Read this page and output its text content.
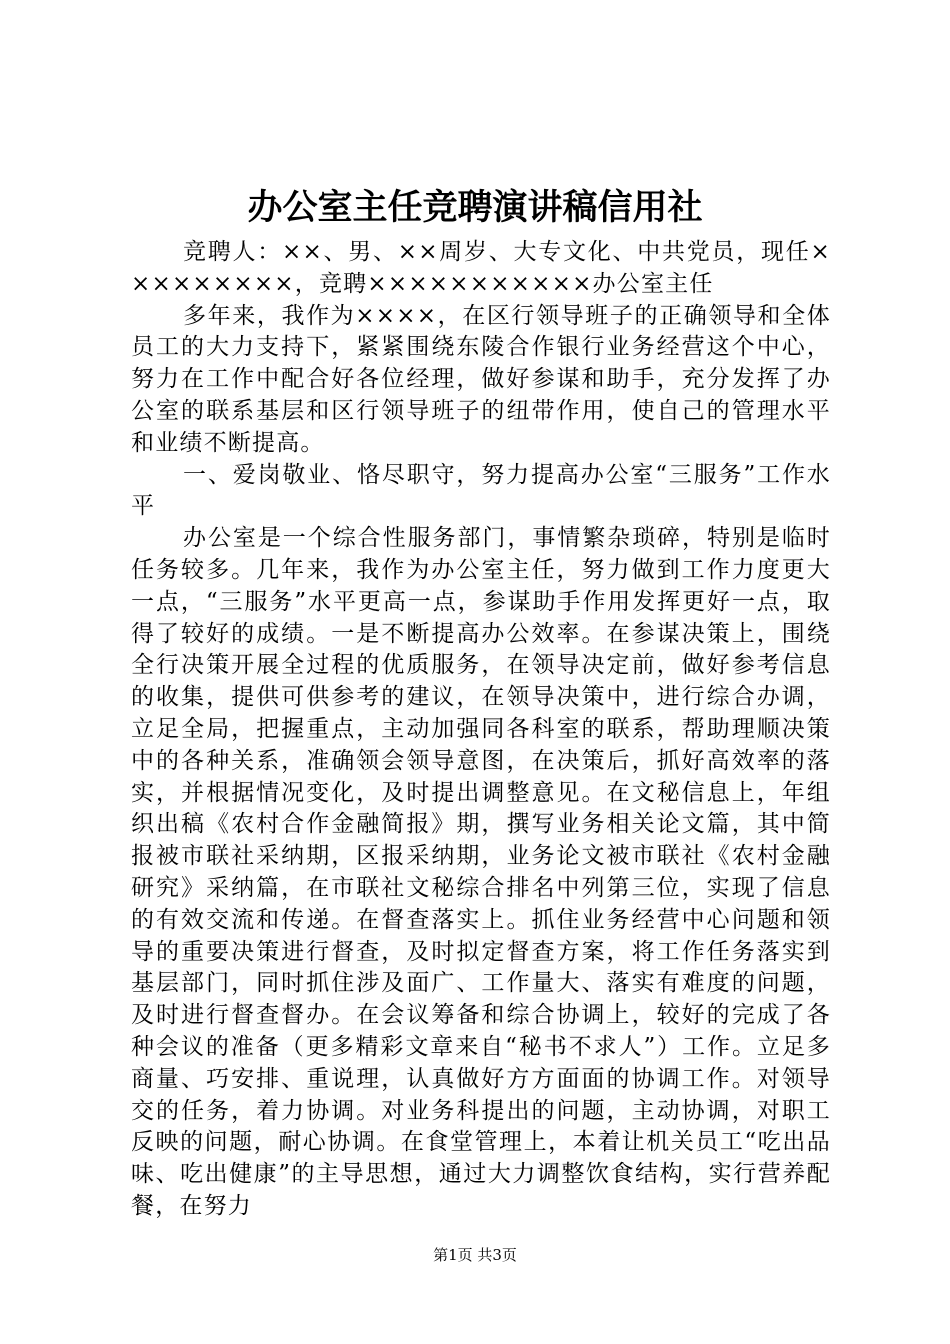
办公室主任竞聘演讲稿信用社

竞聘人：××、男、××周岁、大专文化、中共党员，现任×××××××××，竞聘×××××××××××办公室主任

多年来，我作为××××，在区行领导班子的正确领导和全体员工的大力支持下，紧紧围绕东陵合作银行业务经营这个中心，努力在工作中配合好各位经理，做好参谋和助手，充分发挥了办公室的联系基层和区行领导班子的纽带作用，使自己的管理水平和业绩不断提高。

一、爱岗敬业、恪尽职守，努力提高办公室“三服务”工作水平

办公室是一个综合性服务部门，事情繁杂琐碎，特别是临时任务较多。几年来，我作为办公室主任，努力做到工作力度更大一点，“三服务”水平更高一点，参谋助手作用发挥更好一点，取得了较好的成绩。一是不断提高办公效率。在参谋决策上，围绕全行决策开展全过程的优质服务，在领导决定前，做好参考信息的收集，提供可供参考的建议，在领导决策中，进行综合办调，立足全局，把握重点，主动加强同各科室的联系，帮助理顺决策中的各种关系，准确领会领导意图，在决策后，抓好高效率的落实，并根据情况变化，及时提出调整意见。在文秘信息上，年组织出稿《农村合作金融简报》期，撰写业务相关论文篇，其中简报被市联社采纳期，区报采纳期，业务论文被市联社《农村金融研究》采纳篇，在市联社文秘综合排名中列第三位，实现了信息的有效交流和传递。在督查落实上。抓住业务经营中心问题和领导的重要决策进行督查，及时拟定督查方案，将工作任务落实到基层部门，同时抓住涉及面广、工作量大、落实有难度的问题，及时进行督查督办。在会议筹备和综合协调上，较好的完成了各种会议的准备（更多精彩文章来自“秘书不求人”）工作。立足多商量、巧安排、重说理，认真做好方方面面的协调工作。对领导交的任务，着力协调。对业务科提出的问题，主动协调，对职工反映的问题，耐心协调。在食堂管理上，本着让机关员工“吃出品味、吃出健康”的主导思想，通过大力调整饮食结构，实行营养配餐，在努力

第1页 共3页
